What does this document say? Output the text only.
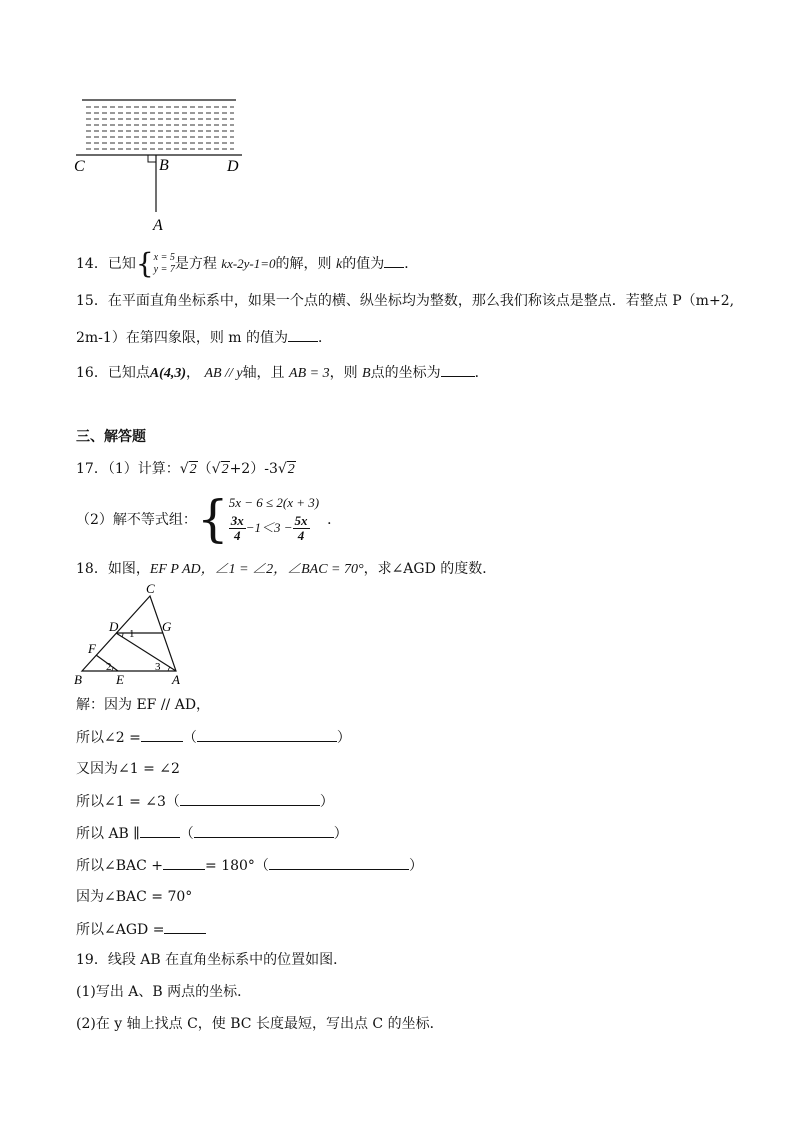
C	B	D
A
14．已知{ x = 5
y = 7 是方程 kx-2y-1=0的解，则 k的值为 ．
15．在平面直角坐标系中，如果一个点的横、纵坐标均为整数，那么我们称该点是整点．若整点 P（m+2,
2m-1）在第四象限，则 m 的值为 ．
16．已知点A(4,3)， AB // y轴，且 AB = 3，则 B点的坐标为 ．
三、解答题
17．（1）计算：√2（√2+2）-3√2
（2）解不等式组：{ 5x − 6 ≤ 2(x + 3)
$\frac{3x}{4} -1<3 - \frac{5x}{4}$ ．
18．如图，EF P AD，∠1 = ∠2，∠BAC = 70°，求∠AGD 的度数．
C
D	G
1
F
2	3
B	E	A
解：因为 EF // AD，
所以∠2 =	（	）
又因为∠1 = ∠2
所以∠1 = ∠3（	）
所以 AB ∥	（	）
所以∠BAC +	= 180°（	）
因为∠BAC = 70°
所以∠AGD =
19．线段 AB 在直角坐标系中的位置如图．
(1)写出 A、B 两点的坐标．
(2)在 y 轴上找点 C，使 BC 长度最短，写出点 C 的坐标．
